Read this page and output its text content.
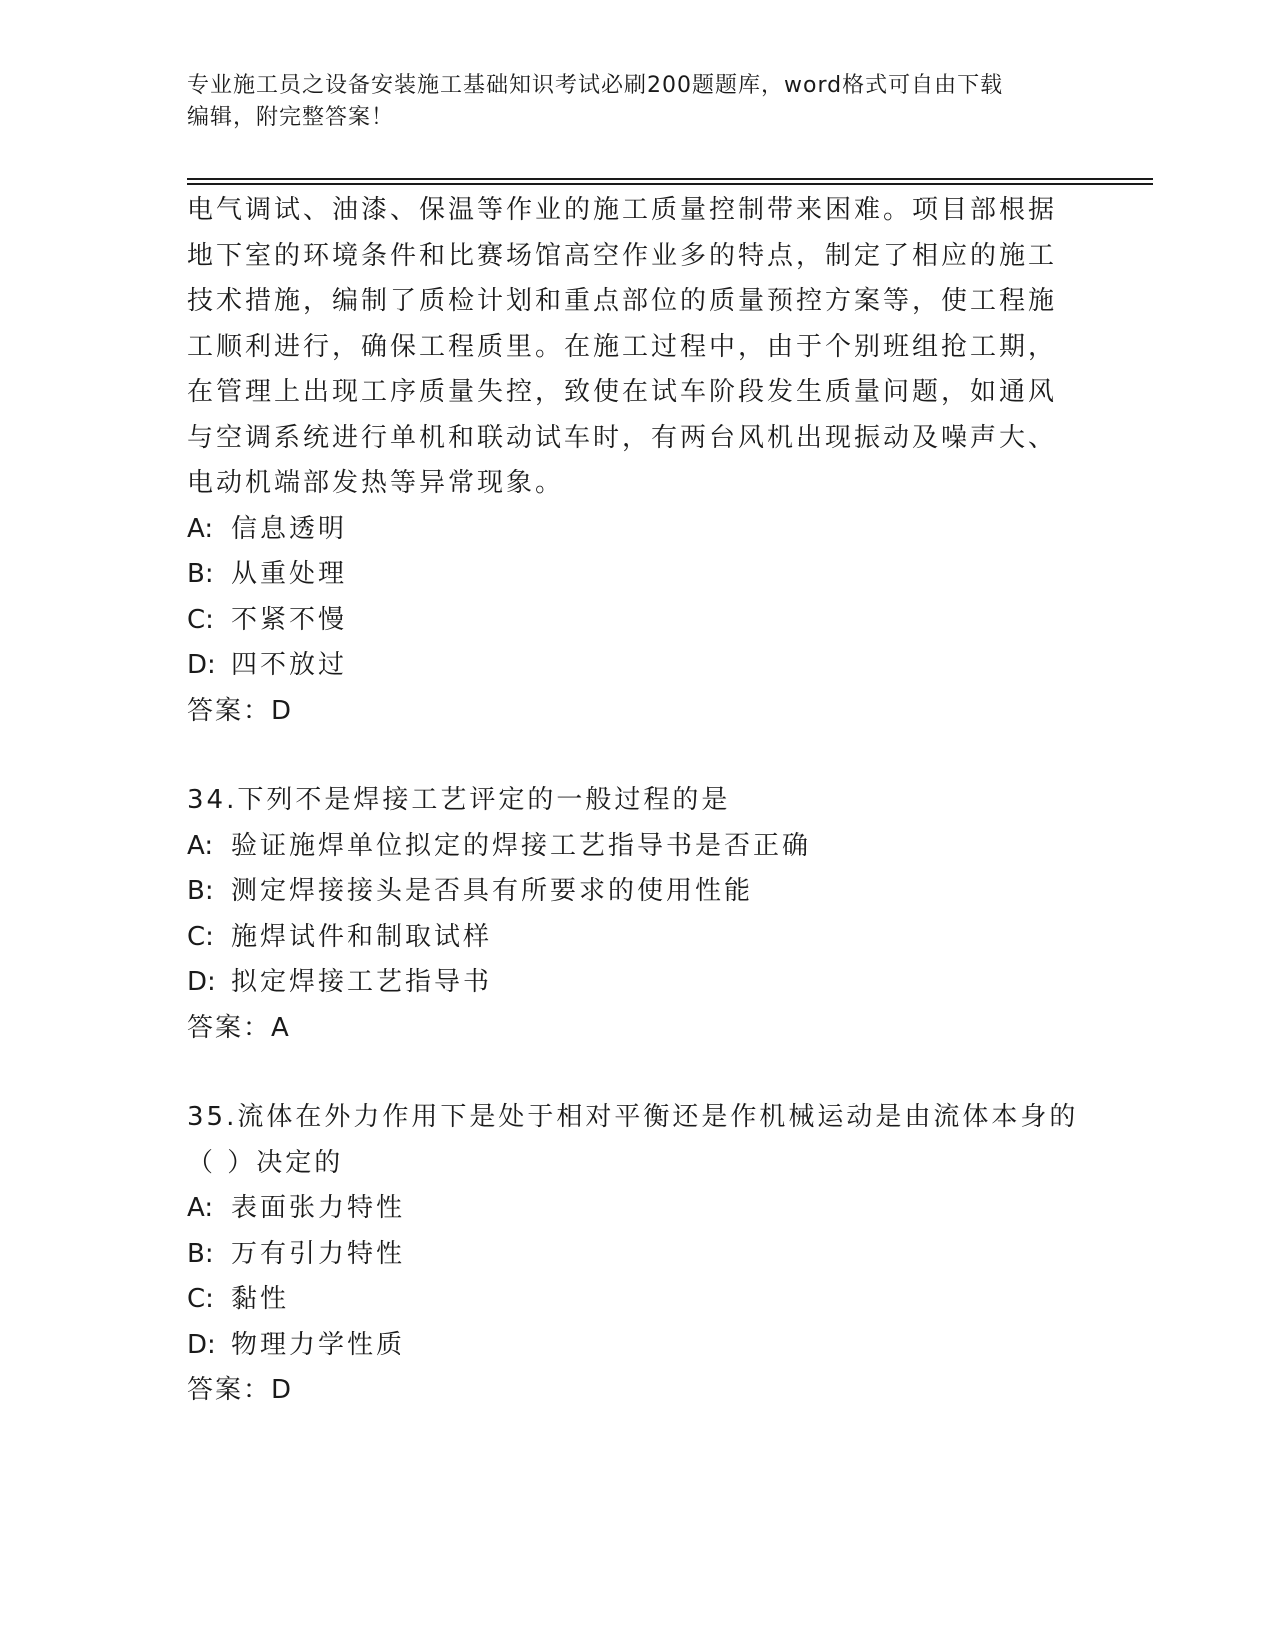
专业施工员之设备安装施工基础知识考试必刷200题题库，word格式可自由下载
编辑，附完整答案！

电气调试、油漆、保温等作业的施工质量控制带来困难。项目部根据

地下室的环境条件和比赛场馆高空作业多的特点，制定了相应的施工

技术措施，编制了质检计划和重点部位的质量预控方案等，使工程施

工顺利进行，确保工程质里。在施工过程中，由于个别班组抢工期，

在管理上出现工序质量失控，致使在试车阶段发生质量问题，如通风

与空调系统进行单机和联动试车时，有两台风机出现振动及噪声大、

电动机端部发热等异常现象。

A: 信息透明

B: 从重处理

C: 不紧不慢

D: 四不放过

答案：D

34.下列不是焊接工艺评定的一般过程的是

A: 验证施焊单位拟定的焊接工艺指导书是否正确

B: 测定焊接接头是否具有所要求的使用性能

C: 施焊试件和制取试样

D: 拟定焊接工艺指导书

答案：A

35.流体在外力作用下是处于相对平衡还是作机械运动是由流体本身的

（ ）决定的

A: 表面张力特性

B: 万有引力特性

C: 黏性

D: 物理力学性质

答案：D
